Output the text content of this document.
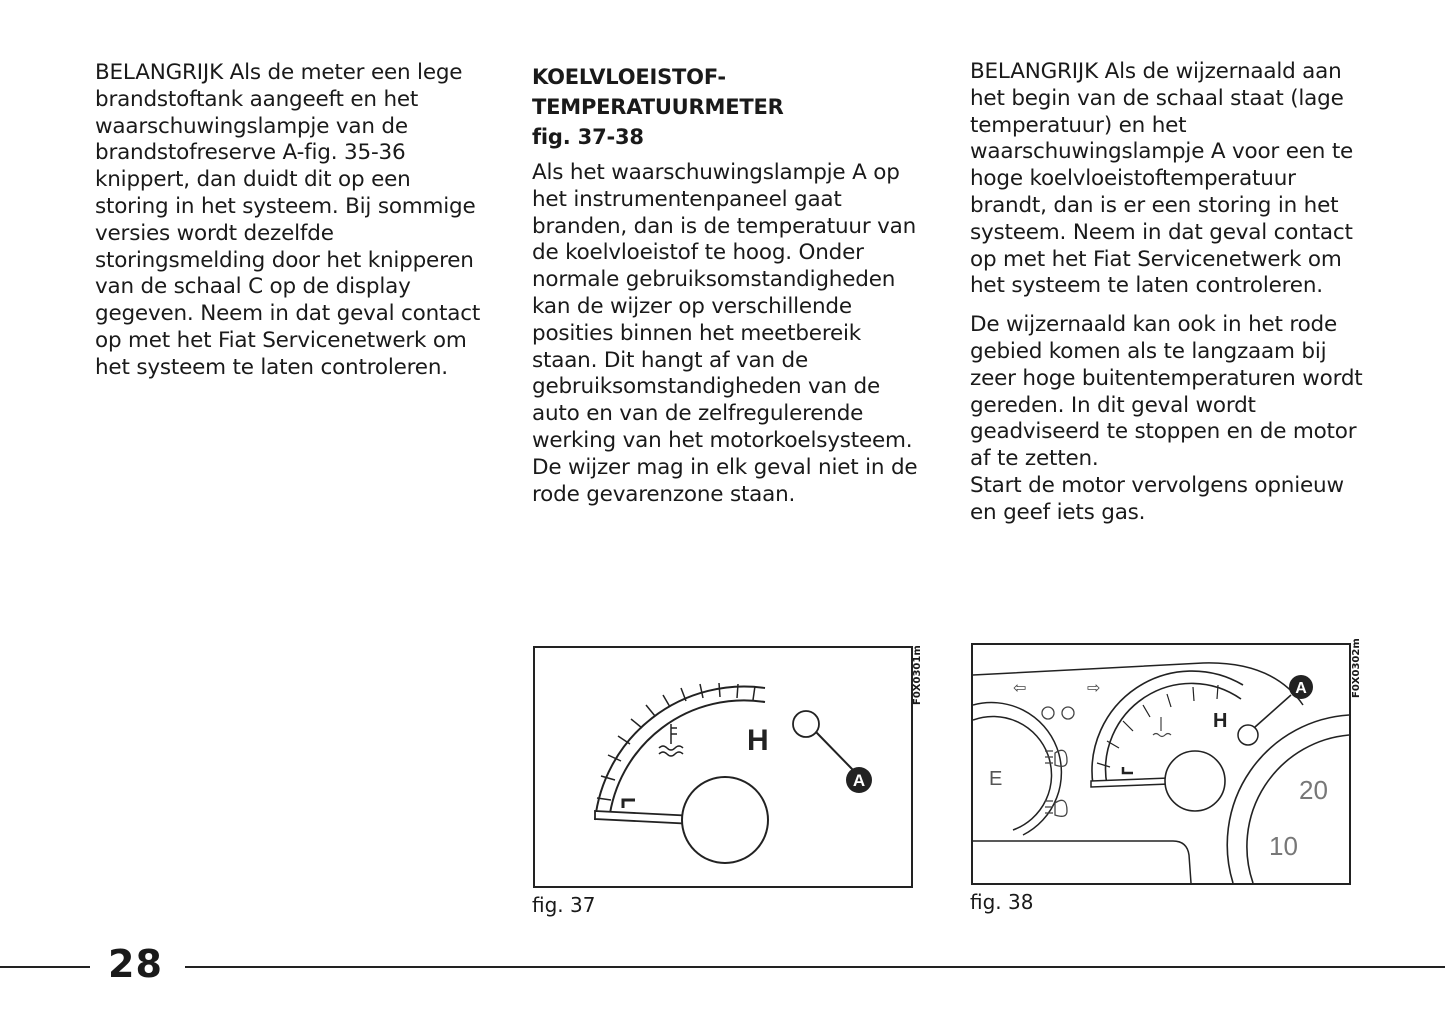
BELANGRIJK Als de meter een lege brandstoftank aangeeft en het waarschuwingslampje van de brandstofreserve A-fig. 35-36 knippert, dan duidt dit op een storing in het systeem. Bij sommige versies wordt dezelfde storingsmelding door het knipperen van de schaal C op de display gegeven. Neem in dat geval contact op met het Fiat Servicenetwerk om het systeem te laten controleren.

KOELVLOEISTOF-
TEMPERATUURMETER
fig. 37-38

Als het waarschuwingslampje A op het instrumentenpaneel gaat branden, dan is de temperatuur van de koelvloeistof te hoog. Onder normale gebruiksomstandigheden kan de wijzer op verschillende posities binnen het meetbereik staan. Dit hangt af van de gebruiksomstandigheden van de auto en van de zelfregulerende werking van het motorkoelsysteem.

De wijzer mag in elk geval niet in de rode gevarenzone staan.

BELANGRIJK Als de wijzernaald aan het begin van de schaal staat (lage temperatuur) en het waarschuwingslampje A voor een te hoge koelvloeistoftemperatuur brandt, dan is er een storing in het systeem. Neem in dat geval contact op met het Fiat Servicenetwerk om het systeem te laten controleren.

De wijzernaald kan ook in het rode gebied komen als te langzaam bij zeer hoge buitentemperaturen wordt gereden. In dit geval wordt geadviseerd te stoppen en de motor af te zetten.

Start de motor vervolgens opnieuw en geef iets gas.

H
A
F0X0301m
fig. 37
E
⇦	⇨
H
A
20
10
F0X0302m
fig. 38
28
